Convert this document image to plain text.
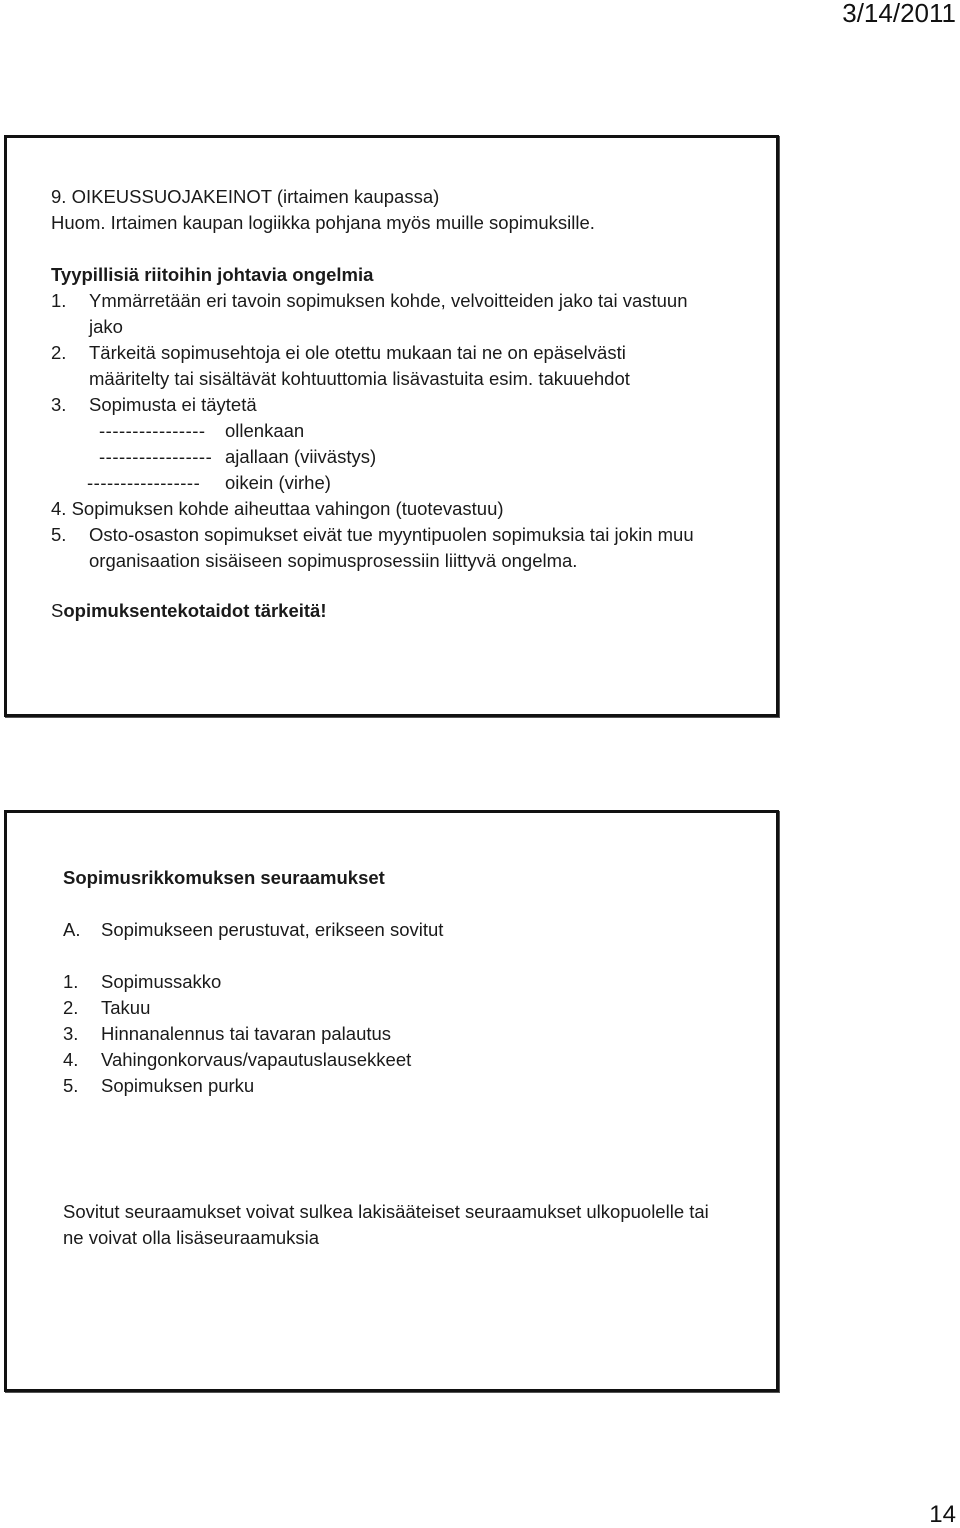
3/14/2011
9. OIKEUSSUOJAKEINOT (irtaimen kaupassa)
Huom. Irtaimen kaupan logiikka pohjana myös muille sopimuksille.
Tyypillisiä riitoihin johtavia ongelmia
1. Ymmärretään eri tavoin sopimuksen kohde, velvoitteiden jako tai vastuun
jako
2. Tärkeitä sopimusehtoja ei ole otettu mukaan tai ne on epäselvästi
määritelty tai sisältävät kohtuuttomia lisävastuita esim. takuuehdot
3. Sopimusta ei täytetä
---------------- ollenkaan
----------------- ajallaan (viivästys)
----------------- oikein (virhe)
4. Sopimuksen kohde aiheuttaa vahingon (tuotevastuu)
5. Osto-osaston sopimukset eivät tue myyntipuolen sopimuksia tai jokin muu
organisaation sisäiseen sopimusprosessiin liittyvä ongelma.
Sopimuksentekotaidot tärkeitä!
Sopimusrikkomuksen seuraamukset
A. Sopimukseen perustuvat, erikseen sovitut
1. Sopimussakko
2. Takuu
3. Hinnanalennus tai tavaran palautus
4. Vahingonkorvaus/vapautuslausekkeet
5. Sopimuksen purku
Sovitut seuraamukset voivat sulkea lakisääteiset seuraamukset ulkopuolelle tai
ne voivat olla lisäseuraamuksia
14
